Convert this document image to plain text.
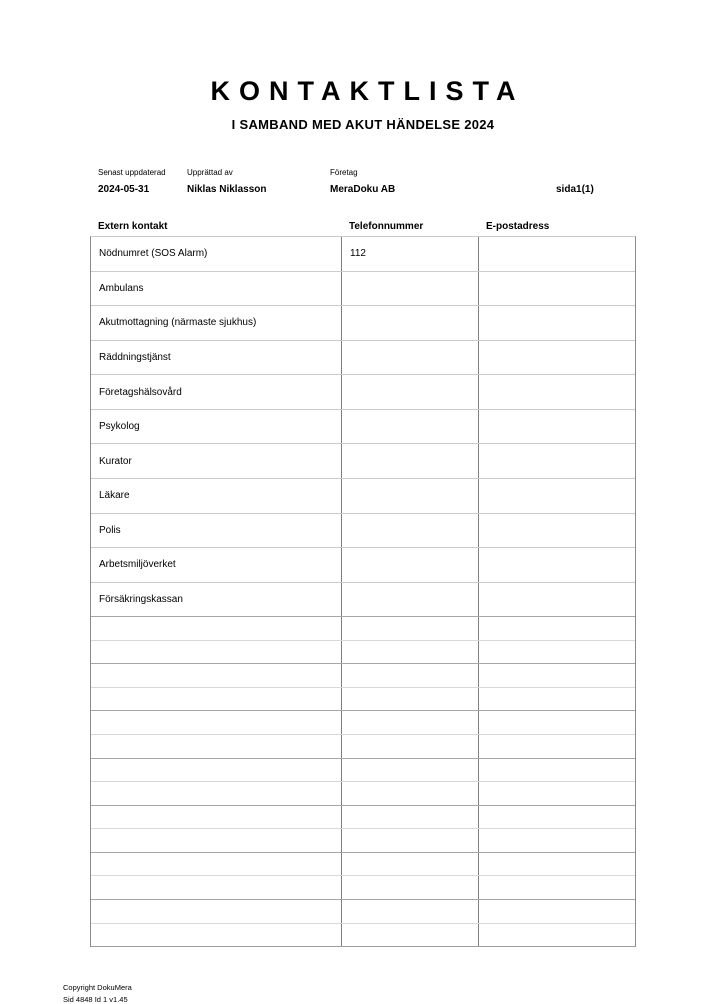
KONTAKTLISTA
I SAMBAND MED AKUT HÄNDELSE 2024
Senast uppdaterad	Upprättad av	Företag
2024-05-31	Niklas Niklasson	MeraDoku AB	sida1(1)
Extern kontakt	Telefonnummer	E-postadress
Nödnumret (SOS Alarm)	112
Ambulans
Akutmottagning (närmaste sjukhus)
Räddningstjänst
Företagshälsovård
Psykolog
Kurator
Läkare
Polis
Arbetsmiljöverket
Försäkringskassan
Copyright DokuMera
Sid 4848 Id 1 v1.45
